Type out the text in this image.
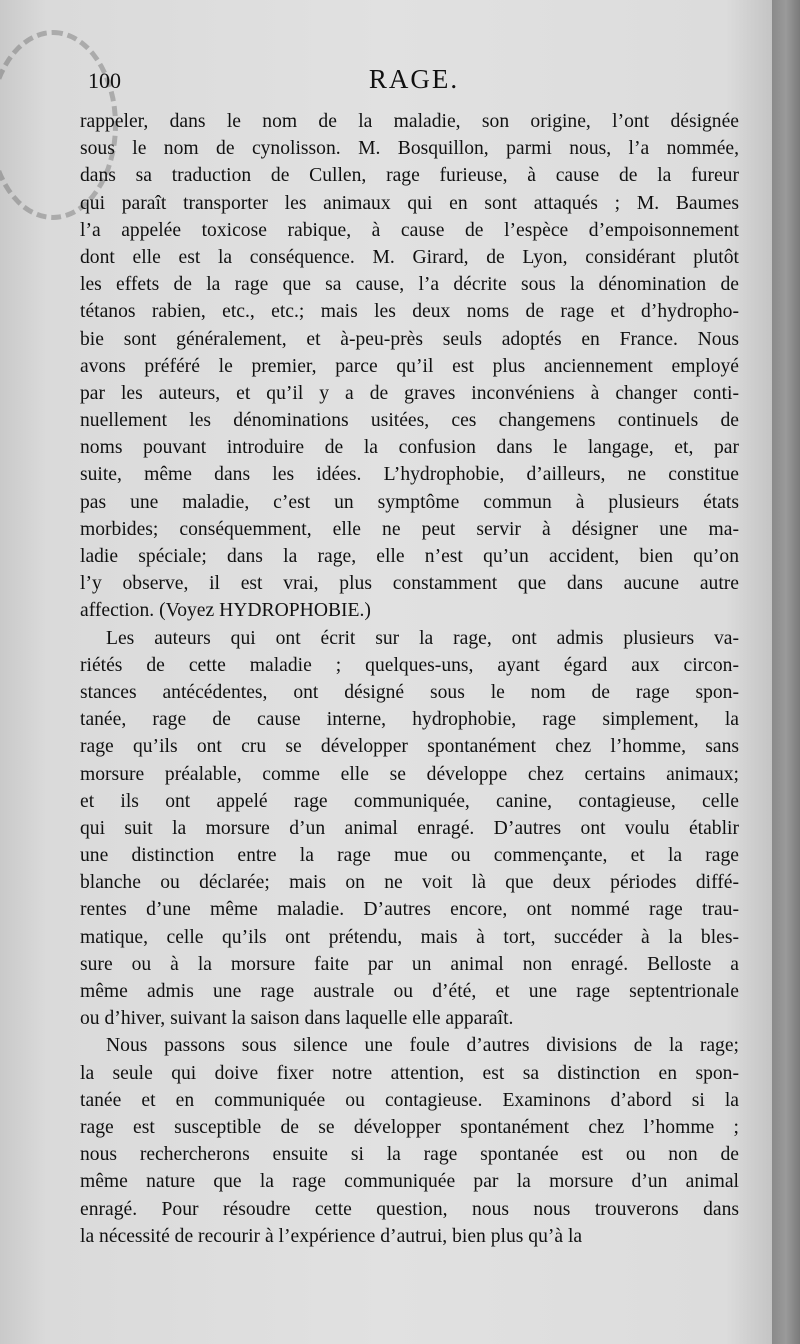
100	RAGE.
rappeler, dans le nom de la maladie, son origine, l’ont désignée
sous le nom de cynolisson. M. Bosquillon, parmi nous, l’a nommée,
dans sa traduction de Cullen, rage furieuse, à cause de la fureur
qui paraît transporter les animaux qui en sont attaqués ; M. Baumes
l’a appelée toxicose rabique, à cause de l’espèce d’empoisonnement
dont elle est la conséquence. M. Girard, de Lyon, considérant plutôt
les effets de la rage que sa cause, l’a décrite sous la dénomination de
tétanos rabien, etc., etc.; mais les deux noms de rage et d’hydropho-
bie sont généralement, et à-peu-près seuls adoptés en France. Nous
avons préféré le premier, parce qu’il est plus anciennement employé
par les auteurs, et qu’il y a de graves inconvéniens à changer conti-
nuellement les dénominations usitées, ces changemens continuels de
noms pouvant introduire de la confusion dans le langage, et, par
suite, même dans les idées. L’hydrophobie, d’ailleurs, ne constitue
pas une maladie, c’est un symptôme commun à plusieurs états
morbides; conséquemment, elle ne peut servir à désigner une ma-
ladie spéciale; dans la rage, elle n’est qu’un accident, bien qu’on
l’y observe, il est vrai, plus constamment que dans aucune autre
affection. (Voyez HYDROPHOBIE.)
Les auteurs qui ont écrit sur la rage, ont admis plusieurs va-
riétés de cette maladie ; quelques-uns, ayant égard aux circon-
stances antécédentes, ont désigné sous le nom de rage spon-
tanée, rage de cause interne, hydrophobie, rage simplement, la
rage qu’ils ont cru se développer spontanément chez l’homme, sans
morsure préalable, comme elle se développe chez certains animaux;
et ils ont appelé rage communiquée, canine, contagieuse, celle
qui suit la morsure d’un animal enragé. D’autres ont voulu établir
une distinction entre la rage mue ou commençante, et la rage
blanche ou déclarée; mais on ne voit là que deux périodes diffé-
rentes d’une même maladie. D’autres encore, ont nommé rage trau-
matique, celle qu’ils ont prétendu, mais à tort, succéder à la bles-
sure ou à la morsure faite par un animal non enragé. Belloste a
même admis une rage australe ou d’été, et une rage septentrionale
ou d’hiver, suivant la saison dans laquelle elle apparaît.
Nous passons sous silence une foule d’autres divisions de la rage;
la seule qui doive fixer notre attention, est sa distinction en spon-
tanée et en communiquée ou contagieuse. Examinons d’abord si la
rage est susceptible de se développer spontanément chez l’homme ;
nous rechercherons ensuite si la rage spontanée est ou non de
même nature que la rage communiquée par la morsure d’un animal
enragé. Pour résoudre cette question, nous nous trouverons dans
la nécessité de recourir à l’expérience d’autrui, bien plus qu’à la
